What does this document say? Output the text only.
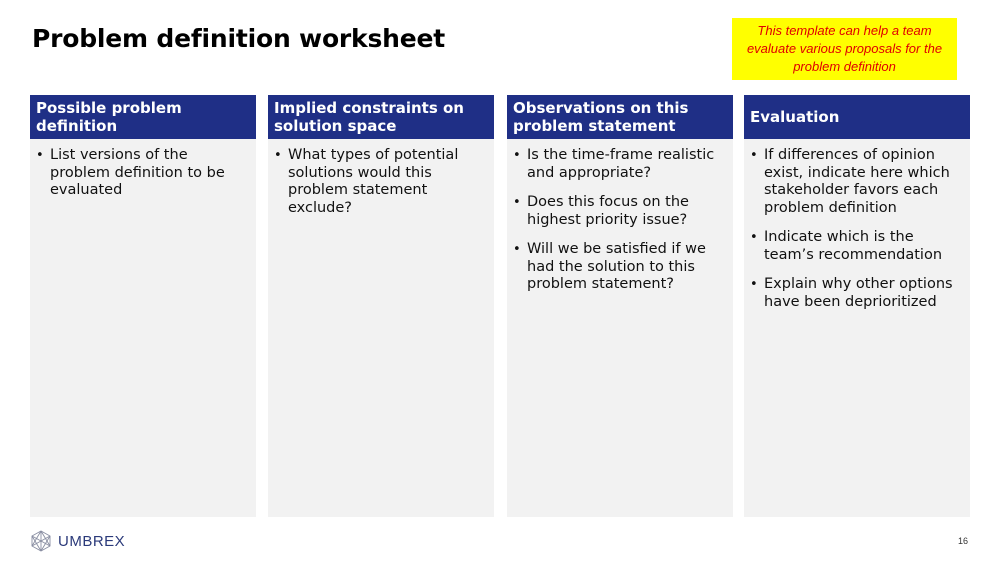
Problem definition worksheet	This template can help a team evaluate various proposals for the problem definition
Possible problem definition
• List versions of the problem definition to be evaluated
Implied constraints on solution space
• What types of potential solutions would this problem statement exclude?
Observations on this problem statement
• Is the time-frame realistic and appropriate?
• Does this focus on the highest priority issue?
• Will we be satisfied if we had the solution to this problem statement?
Evaluation
• If differences of opinion exist, indicate here which stakeholder favors each problem definition
• Indicate which is the team’s recommendation
• Explain why other options have been deprioritized
UMBREX	16
